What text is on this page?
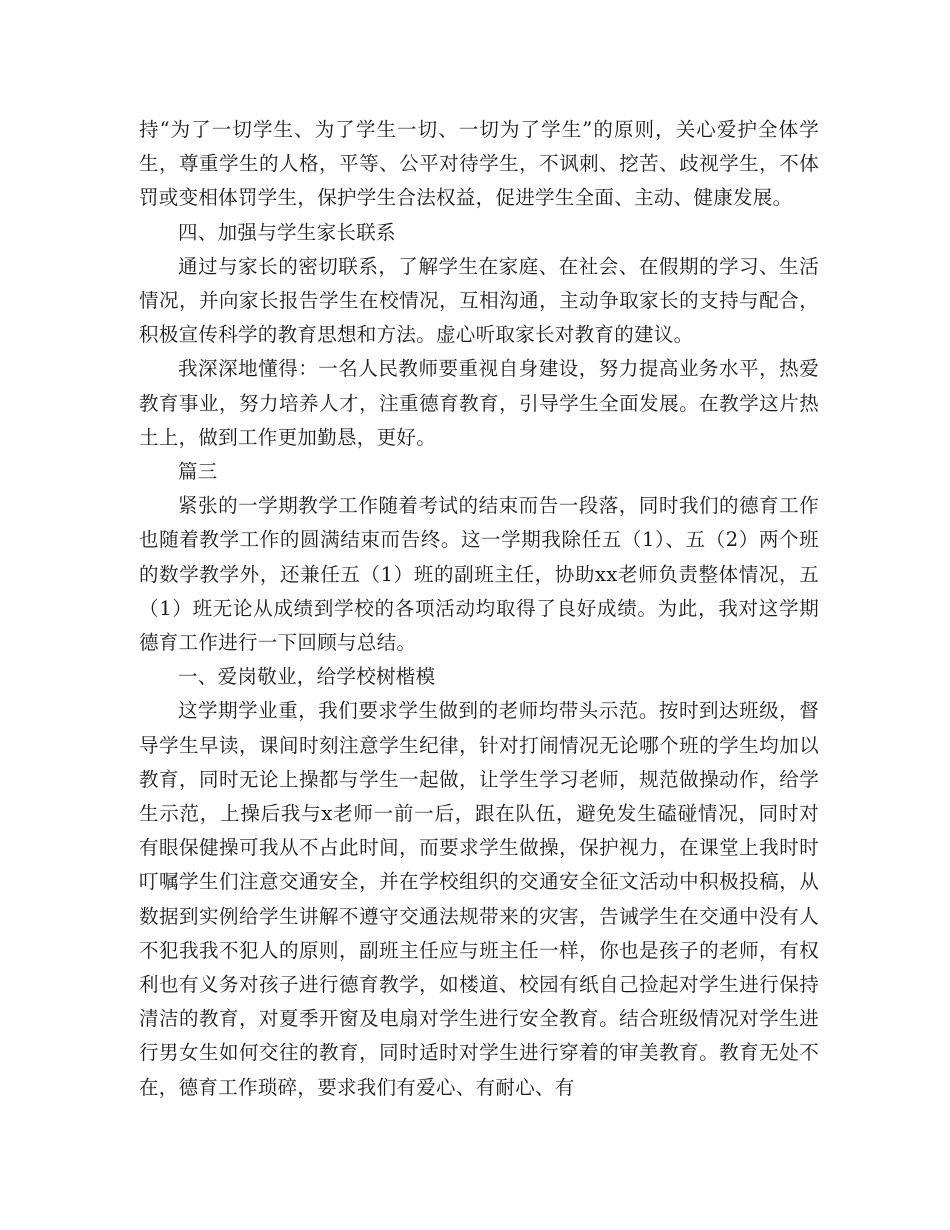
持“为了一切学生、为了学生一切、一切为了学生”的原则，关心爱护全体学生，尊重学生的人格，平等、公平对待学生，不讽刺、挖苦、歧视学生，不体罚或变相体罚学生，保护学生合法权益，促进学生全面、主动、健康发展。

四、加强与学生家长联系

通过与家长的密切联系，了解学生在家庭、在社会、在假期的学习、生活情况，并向家长报告学生在校情况，互相沟通，主动争取家长的支持与配合，积极宣传科学的教育思想和方法。虚心听取家长对教育的建议。

我深深地懂得：一名人民教师要重视自身建设，努力提高业务水平，热爱教育事业，努力培养人才，注重德育教育，引导学生全面发展。在教学这片热土上，做到工作更加勤恳，更好。

篇三

紧张的一学期教学工作随着考试的结束而告一段落，同时我们的德育工作也随着教学工作的圆满结束而告终。这一学期我除任五（1）、五（2）两个班的数学教学外，还兼任五（1）班的副班主任，协助xx老师负责整体情况，五（1）班无论从成绩到学校的各项活动均取得了良好成绩。为此，我对这学期德育工作进行一下回顾与总结。

一、爱岗敬业，给学校树楷模

这学期学业重，我们要求学生做到的老师均带头示范。按时到达班级，督导学生早读，课间时刻注意学生纪律，针对打闹情况无论哪个班的学生均加以教育，同时无论上操都与学生一起做，让学生学习老师，规范做操动作，给学生示范，上操后我与x老师一前一后，跟在队伍，避免发生磕碰情况，同时对有眼保健操可我从不占此时间，而要求学生做操，保护视力，在课堂上我时时叮嘱学生们注意交通安全，并在学校组织的交通安全征文活动中积极投稿，从数据到实例给学生讲解不遵守交通法规带来的灾害，告诫学生在交通中没有人不犯我我不犯人的原则，副班主任应与班主任一样，你也是孩子的老师，有权利也有义务对孩子进行德育教学，如楼道、校园有纸自己捡起对学生进行保持清洁的教育，对夏季开窗及电扇对学生进行安全教育。结合班级情况对学生进行男女生如何交往的教育，同时适时对学生进行穿着的审美教育。教育无处不在，德育工作琐碎，要求我们有爱心、有耐心、有
